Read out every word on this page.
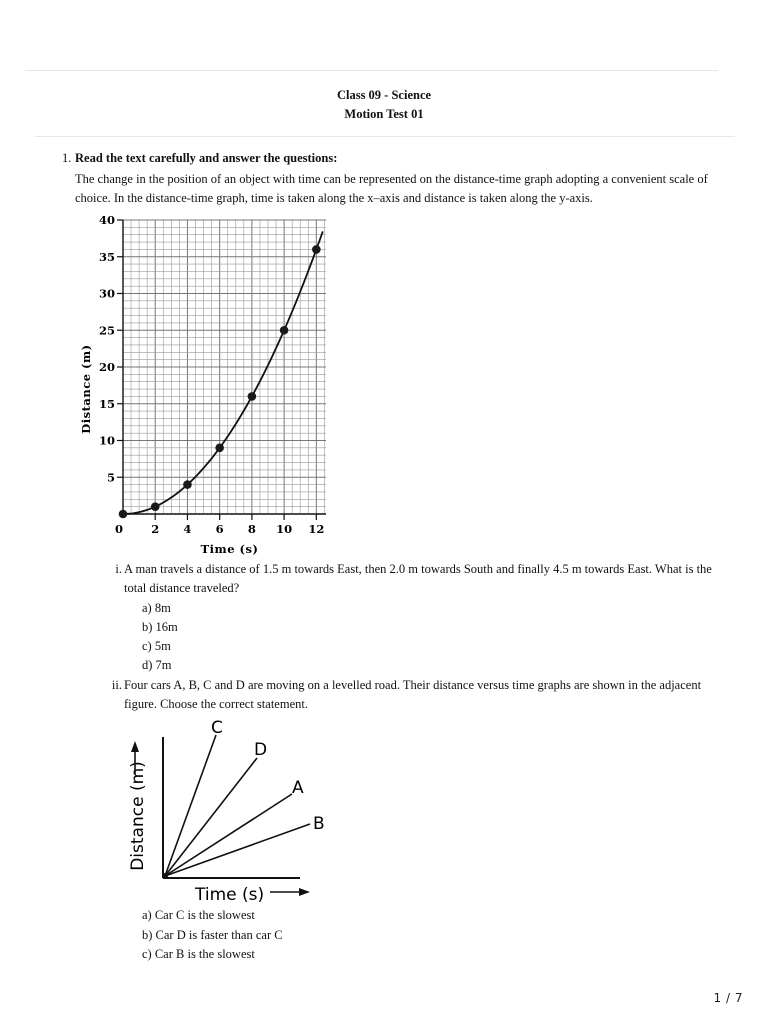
Class 09 - Science
Motion Test 01
1. Read the text carefully and answer the questions:
The change in the position of an object with time can be represented on the distance-time graph adopting a convenient scale of choice. In the distance-time graph, time is taken along the x–axis and distance is taken along the y-axis.
5
10
15
20
25
30
35
40
0 2 4 6 8 10 12
Time (s)
Distance (m)
i. A man travels a distance of 1.5 m towards East, then 2.0 m towards South and finally 4.5 m towards East. What is the total distance traveled?
a) 8m
b) 16m
c) 5m
d) 7m
ii. Four cars A, B, C and D are moving on a levelled road. Their distance versus time graphs are shown in the adjacent figure. Choose the correct statement.
C
D
A
B
Distance (m)
Time (s)
a) Car C is the slowest
b) Car D is faster than car C
c) Car B is the slowest
1 / 7
